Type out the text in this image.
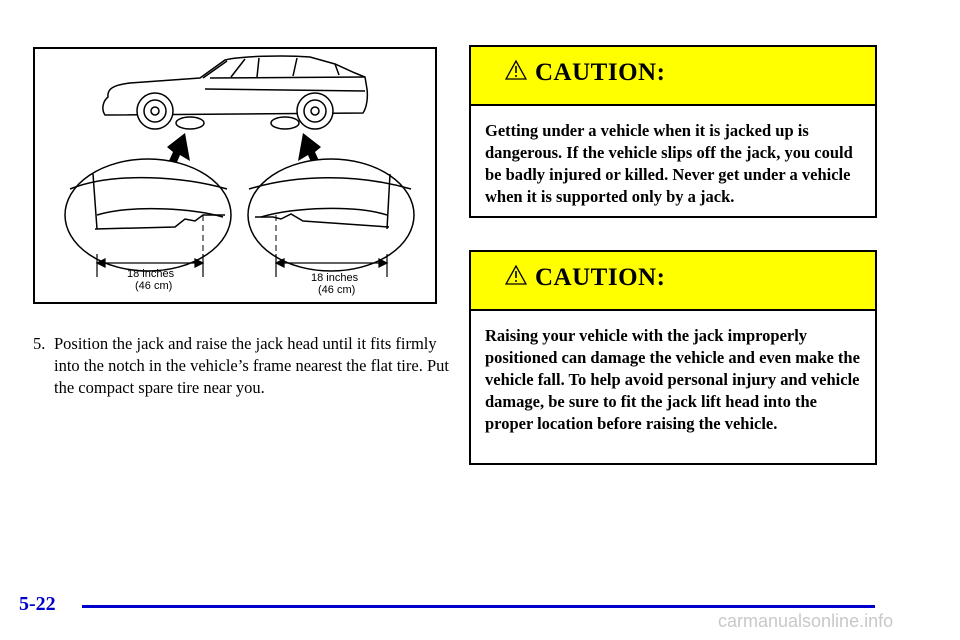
18 inches
(46 cm)
18 inches
(46 cm)
5. Position the jack and raise the jack head until it fits firmly into the notch in the vehicle’s frame nearest the flat tire. Put the compact spare tire near you.
CAUTION:
Getting under a vehicle when it is jacked up is dangerous. If the vehicle slips off the jack, you could be badly injured or killed. Never get under a vehicle when it is supported only by a jack.
CAUTION:
Raising your vehicle with the jack improperly positioned can damage the vehicle and even make the vehicle fall. To help avoid personal injury and vehicle damage, be sure to fit the jack lift head into the proper location before raising the vehicle.
5-22
carmanualsonline.info
